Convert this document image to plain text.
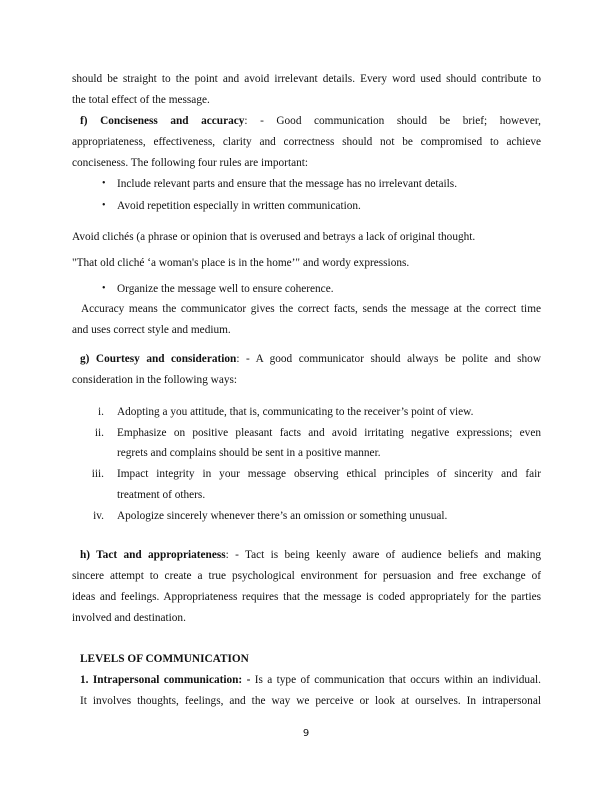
should be straight to the point and avoid irrelevant details. Every word used should contribute to
the total effect of the message.
f) Conciseness and accuracy: - Good communication should be brief; however,
appropriateness, effectiveness, clarity and correctness should not be compromised to achieve
conciseness. The following four rules are important:
• Include relevant parts and ensure that the message has no irrelevant details.
• Avoid repetition especially in written communication.
Avoid clichés (a phrase or opinion that is overused and betrays a lack of original thought.
"That old cliché ‘a woman's place is in the home’" and wordy expressions.
• Organize the message well to ensure coherence.
Accuracy means the communicator gives the correct facts, sends the message at the correct time
and uses correct style and medium.
g) Courtesy and consideration: - A good communicator should always be polite and show
consideration in the following ways:
i. Adopting a you attitude, that is, communicating to the receiver’s point of view.
ii. Emphasize on positive pleasant facts and avoid irritating negative expressions; even
regrets and complains should be sent in a positive manner.
iii. Impact integrity in your message observing ethical principles of sincerity and fair
treatment of others.
iv. Apologize sincerely whenever there’s an omission or something unusual.
h) Tact and appropriateness: - Tact is being keenly aware of audience beliefs and making
sincere attempt to create a true psychological environment for persuasion and free exchange of
ideas and feelings. Appropriateness requires that the message is coded appropriately for the parties
involved and destination.
LEVELS OF COMMUNICATION
1. Intrapersonal communication: - Is a type of communication that occurs within an individual.
It involves thoughts, feelings, and the way we perceive or look at ourselves. In intrapersonal
9
